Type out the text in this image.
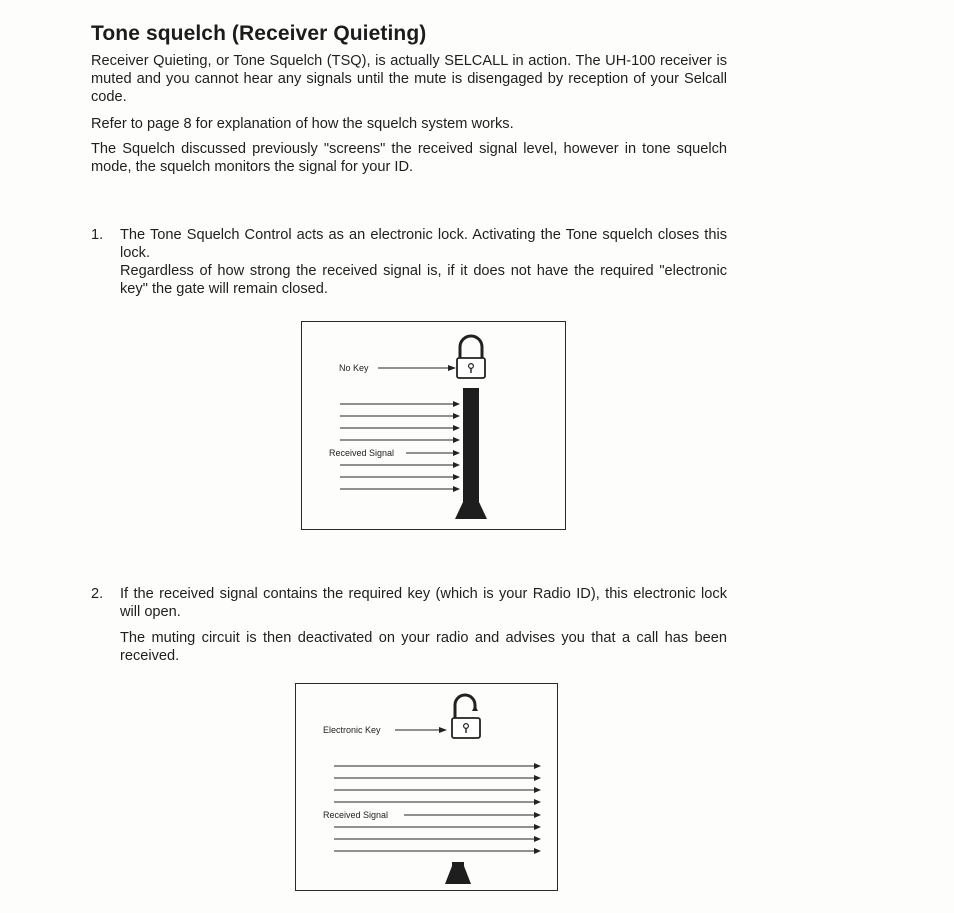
Tone squelch (Receiver Quieting)

Receiver Quieting, or Tone Squelch (TSQ), is actually SELCALL in action. The UH-100 receiver is muted and you cannot hear any signals until the mute is disengaged by reception of your Selcall code.

Refer to page 8 for explanation of how the squelch system works.

The Squelch discussed previously "screens" the received signal level, however in tone squelch mode, the squelch monitors the signal for your ID.

1. The Tone Squelch Control acts as an electronic lock. Activating the Tone squelch closes this lock.

Regardless of how strong the received signal is, if it does not have the required "electronic key" the gate will remain closed.

No Key
Received Signal
2. If the received signal contains the required key (which is your Radio ID), this electronic lock will open.

The muting circuit is then deactivated on your radio and advises you that a call has been received.

Electronic Key
Received Signal
